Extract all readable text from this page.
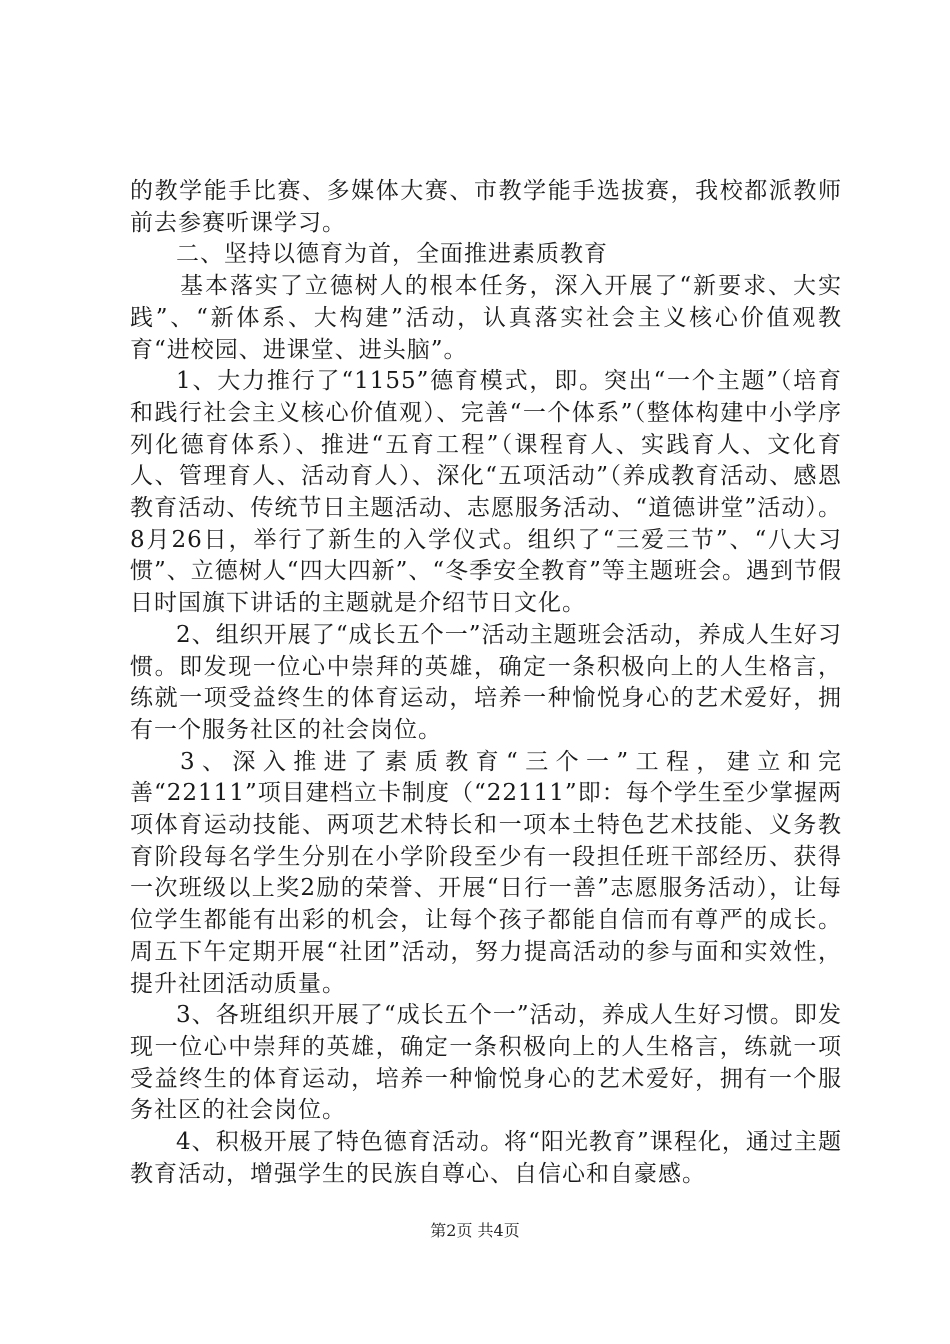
的教学能手比赛、多媒体大赛、市教学能手选拔赛，我校都派教师前去参赛听课学习。

二、坚持以德育为首，全面推进素质教育

基本落实了立德树人的根本任务，深入开展了“新要求、大实践”、“新体系、大构建”活动，认真落实社会主义核心价值观教育“进校园、进课堂、进头脑”。

1、大力推行了“1155”德育模式，即。突出“一个主题”（培育和践行社会主义核心价值观）、完善“一个体系”（整体构建中小学序列化德育体系）、推进“五育工程”（课程育人、实践育人、文化育人、管理育人、活动育人）、深化“五项活动”（养成教育活动、感恩教育活动、传统节日主题活动、志愿服务活动、“道德讲堂”活动）。8月26日，举行了新生的入学仪式。组织了“三爱三节”、“八大习惯”、立德树人“四大四新”、“冬季安全教育”等主题班会。遇到节假日时国旗下讲话的主题就是介绍节日文化。

2、组织开展了“成长五个一”活动主题班会活动，养成人生好习惯。即发现一位心中崇拜的英雄，确定一条积极向上的人生格言，练就一项受益终生的体育运动，培养一种愉悦身心的艺术爱好，拥有一个服务社区的社会岗位。

3、深入推进了素质教育“三个一”工程，建立和完善“22111”项目建档立卡制度（“22111”即：每个学生至少掌握两项体育运动技能、两项艺术特长和一项本土特色艺术技能、义务教育阶段每名学生分别在小学阶段至少有一段担任班干部经历、获得一次班级以上奖2励的荣誉、开展“日行一善”志愿服务活动），让每位学生都能有出彩的机会，让每个孩子都能自信而有尊严的成长。周五下午定期开展“社团”活动，努力提高活动的参与面和实效性，提升社团活动质量。

3、各班组织开展了“成长五个一”活动，养成人生好习惯。即发现一位心中崇拜的英雄，确定一条积极向上的人生格言，练就一项受益终生的体育运动，培养一种愉悦身心的艺术爱好，拥有一个服务社区的社会岗位。

4、积极开展了特色德育活动。将“阳光教育”课程化，通过主题教育活动，增强学生的民族自尊心、自信心和自豪感。

第2页 共4页
